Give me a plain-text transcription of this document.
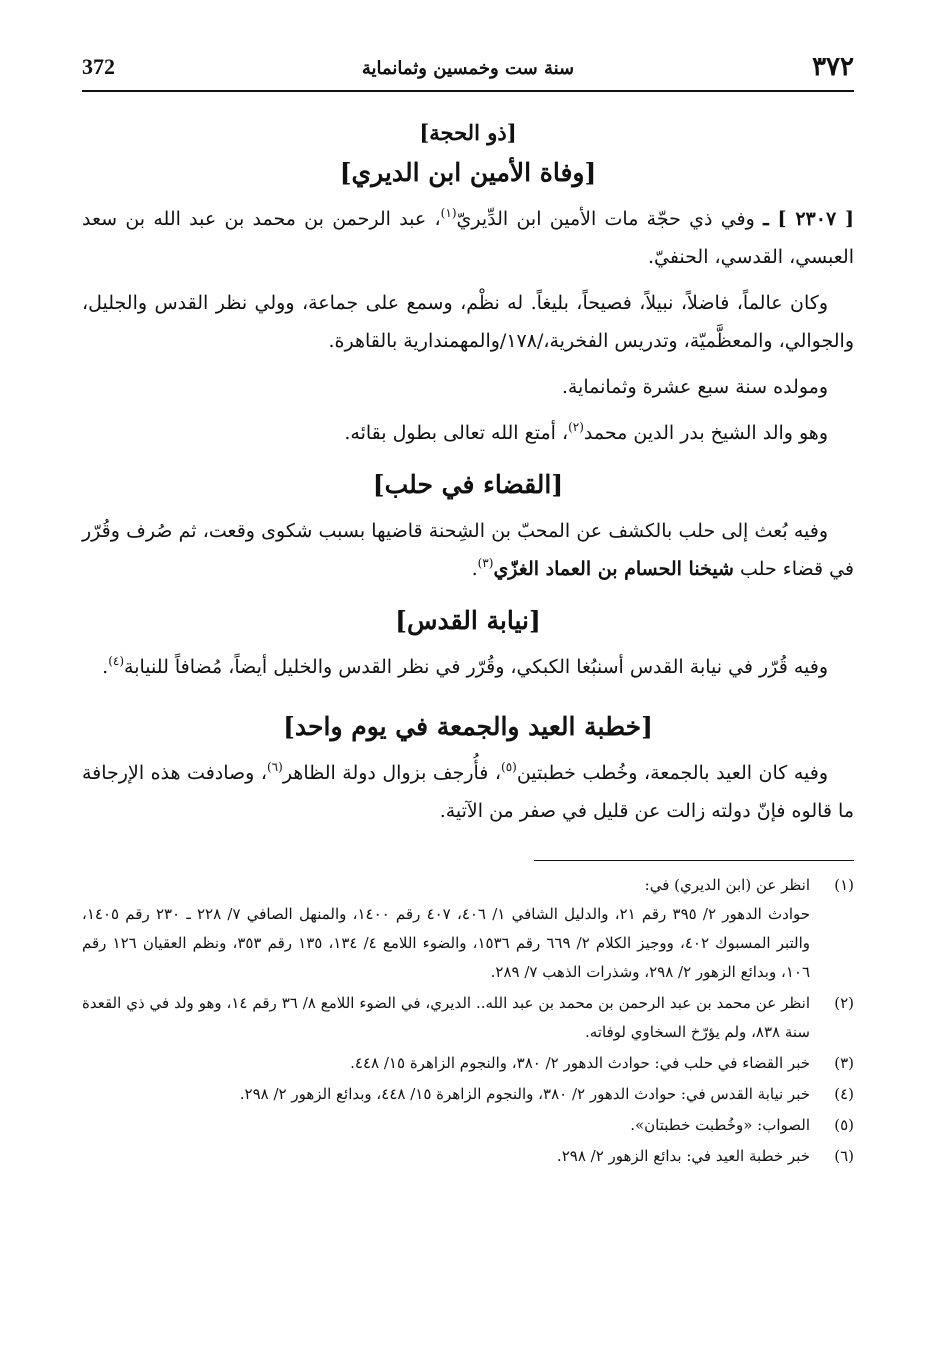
٣٧٢
سنة ست وخمسين وثمانماية
372
[ذو الحجة]
[وفاة الأمين ابن الديري]

[ ٢٣٠٧ ] ـ وفي ذي حجّة مات الأمين ابن الدِّيريّ$^{(١)}$، عبد الرحمن بن محمد بن عبد الله بن سعد العبسي، القدسي، الحنفيّ.

وكان عالماً، فاضلاً، نبيلاً، فصيحاً، بليغاً. له نظْم، وسمع على جماعة، وولي نظر القدس والجليل، والجوالي، والمعظَّميّة، وتدريس الفخرية،/١٧٨/والمهمندارية بالقاهرة.

ومولده سنة سبع عشرة وثمانماية.

وهو والد الشيخ بدر الدين محمد$^{(٢)}$، أمتع الله تعالى بطول بقائه.

[القضاء في حلب]

وفيه بُعث إلى حلب بالكشف عن المحبّ بن الشِحنة قاضيها بسبب شكوى وقعت، ثم صُرف وقُرّر في قضاء حلب شيخنا الحسام بن العماد الغزّي$^{(٣)}$.

[نيابة القدس]

وفيه قُرّر في نيابة القدس أسنبُغا الكبكي، وقُرّر في نظر القدس والخليل أيضاً، مُضافاً للنيابة$^{(٤)}$.

[خطبة العيد والجمعة في يوم واحد]

وفيه كان العيد بالجمعة، وخُطب خطبتين$^{(٥)}$، فأُرجف بزوال دولة الظاهر$^{(٦)}$، وصادفت هذه الإرجافة ما قالوه فإنّ دولته زالت عن قليل في صفر من الآتية.

(١)
انظر عن (ابن الديري) في:
حوادث الدهور ٢/ ٣٩٥ رقم ٢١، والدليل الشافي ١/ ٤٠٦، ٤٠٧ رقم ١٤٠٠، والمنهل الصافي ٧/ ٢٢٨ ـ ٢٣٠ رقم ١٤٠٥، والتبر المسبوك ٤٠٢، ووجيز الكلام ٢/ ٦٦٩ رقم ١٥٣٦، والضوء اللامع ٤/ ١٣٤، ١٣٥ رقم ٣٥٣، ونظم العقيان ١٢٦ رقم ١٠٦، وبدائع الزهور ٢/ ٢٩٨، وشذرات الذهب ٧/ ٢٨٩.
(٢)
انظر عن محمد بن عبد الرحمن بن محمد بن عبد الله.. الديري، في الضوء اللامع ٨/ ٣٦ رقم ١٤، وهو ولد في ذي القعدة سنة ٨٣٨، ولم يؤرّخ السخاوي لوفاته.
(٣)
خبر القضاء في حلب في: حوادث الدهور ٢/ ٣٨٠، والنجوم الزاهرة ١٥/ ٤٤٨.
(٤)
خبر نيابة القدس في: حوادث الدهور ٢/ ٣٨٠، والنجوم الزاهرة ١٥/ ٤٤٨، وبدائع الزهور ٢/ ٢٩٨.
(٥)
الصواب: «وخُطبت خطبتان».
(٦)
خبر خطبة العيد في: بدائع الزهور ٢/ ٢٩٨.
